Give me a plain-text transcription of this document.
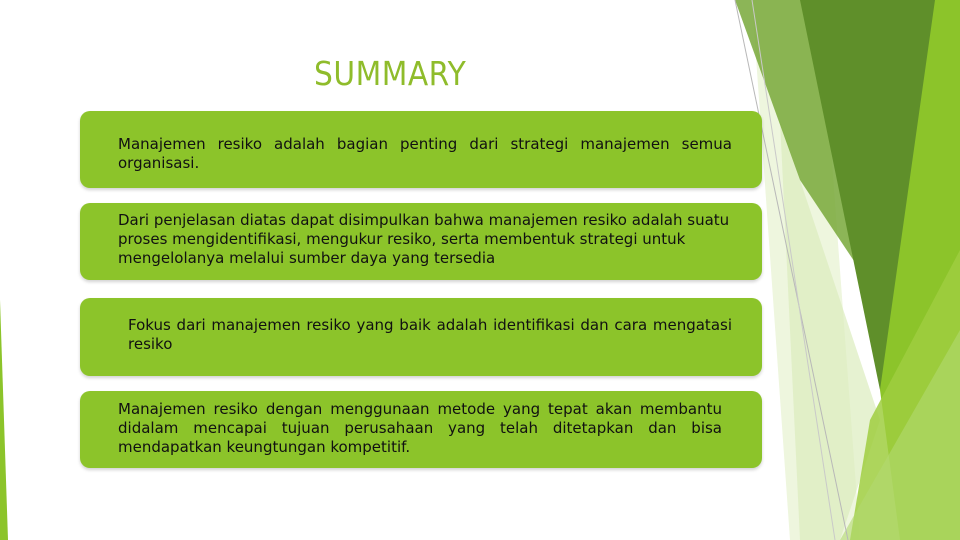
SUMMARY

Manajemen resiko adalah bagian penting dari strategi manajemen semua organisasi.

Dari penjelasan diatas dapat disimpulkan bahwa manajemen resiko adalah suatu proses mengidentifikasi, mengukur resiko, serta membentuk strategi untuk mengelolanya melalui sumber daya yang tersedia

Fokus dari manajemen resiko yang baik adalah identifikasi dan cara mengatasi resiko

Manajemen resiko dengan menggunaan metode yang tepat akan membantu didalam mencapai tujuan perusahaan yang telah ditetapkan dan bisa mendapatkan keungtungan kompetitif.
